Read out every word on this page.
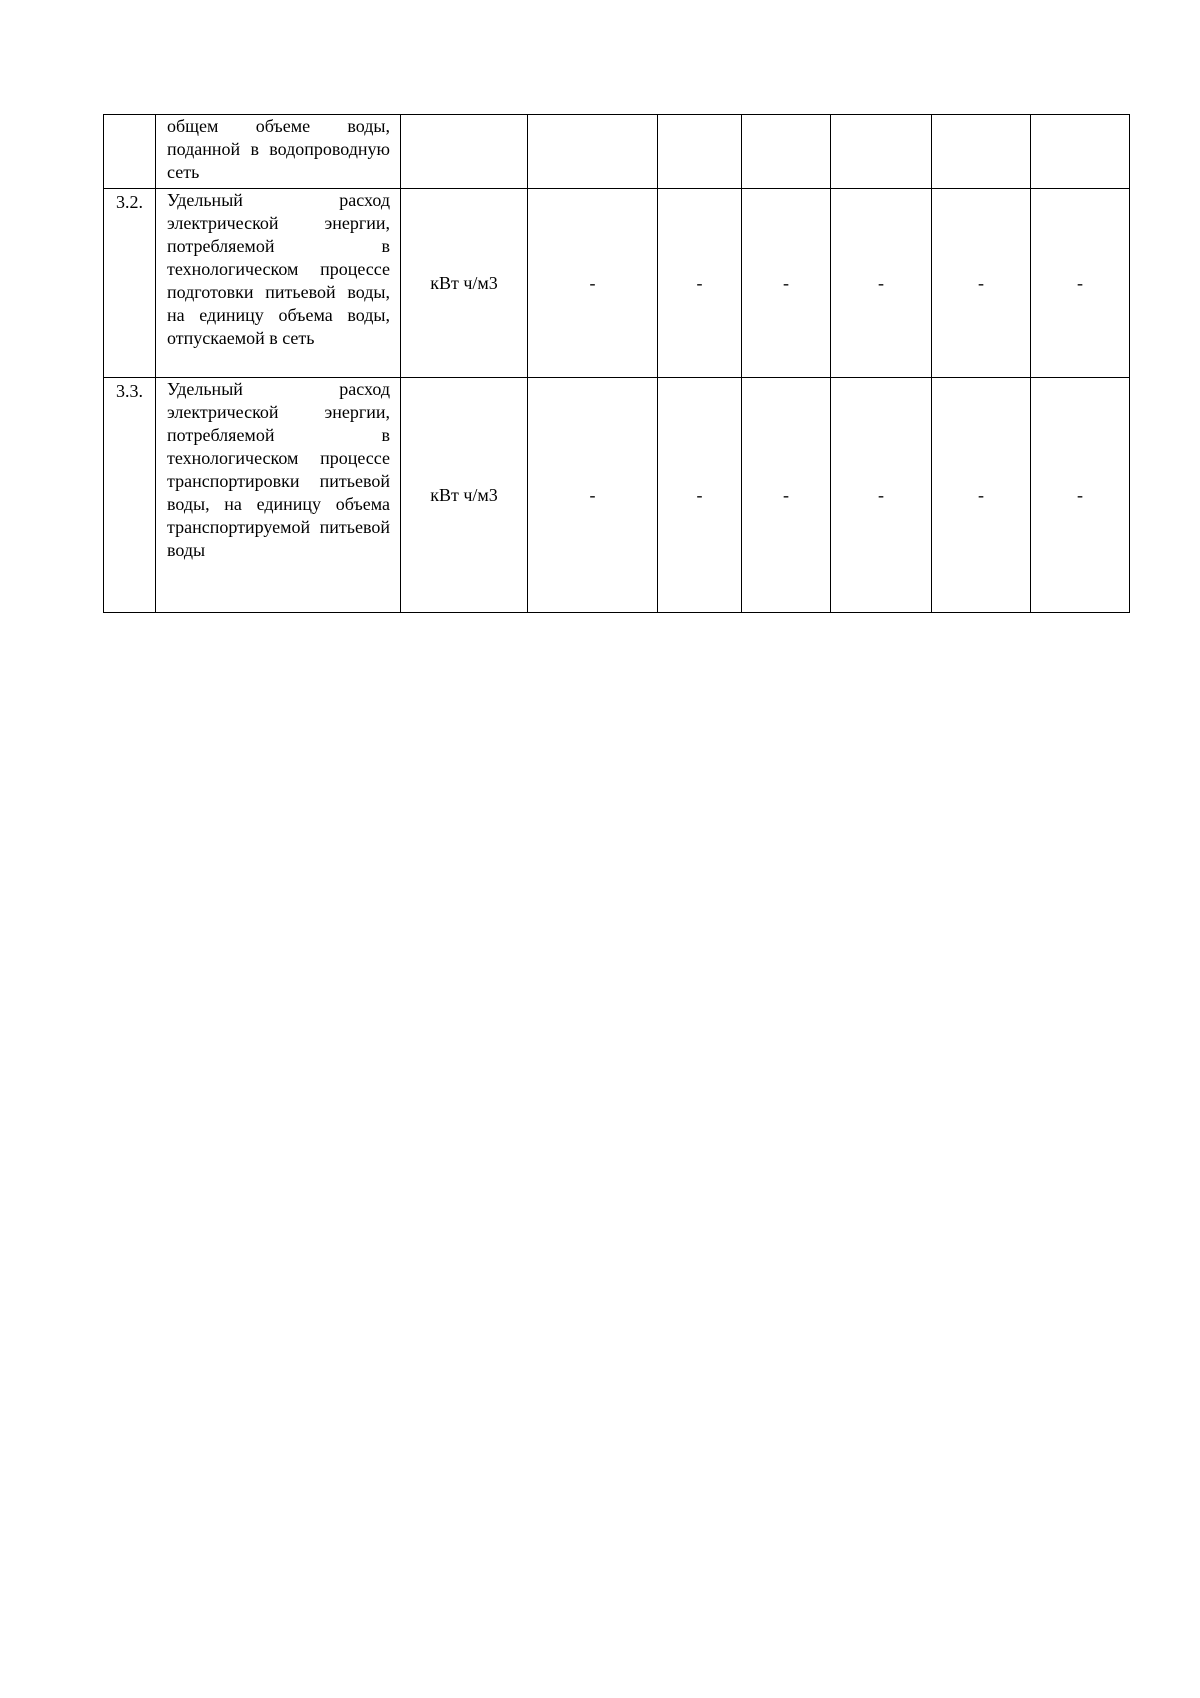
	общем объеме воды, поданной в водопроводную сеть							
3.2.	Удельный расход электрической энергии, потребляемой в технологическом процессе подготовки питьевой воды, на единицу объема воды, отпускаемой в сеть	кВт ч/м3	-	-	-	-	-	-
3.3.	Удельный расход электрической энергии, потребляемой в технологическом процессе транспортировки питьевой воды, на единицу объема транспортируемой питьевой воды	кВт ч/м3	-	-	-	-	-	-
